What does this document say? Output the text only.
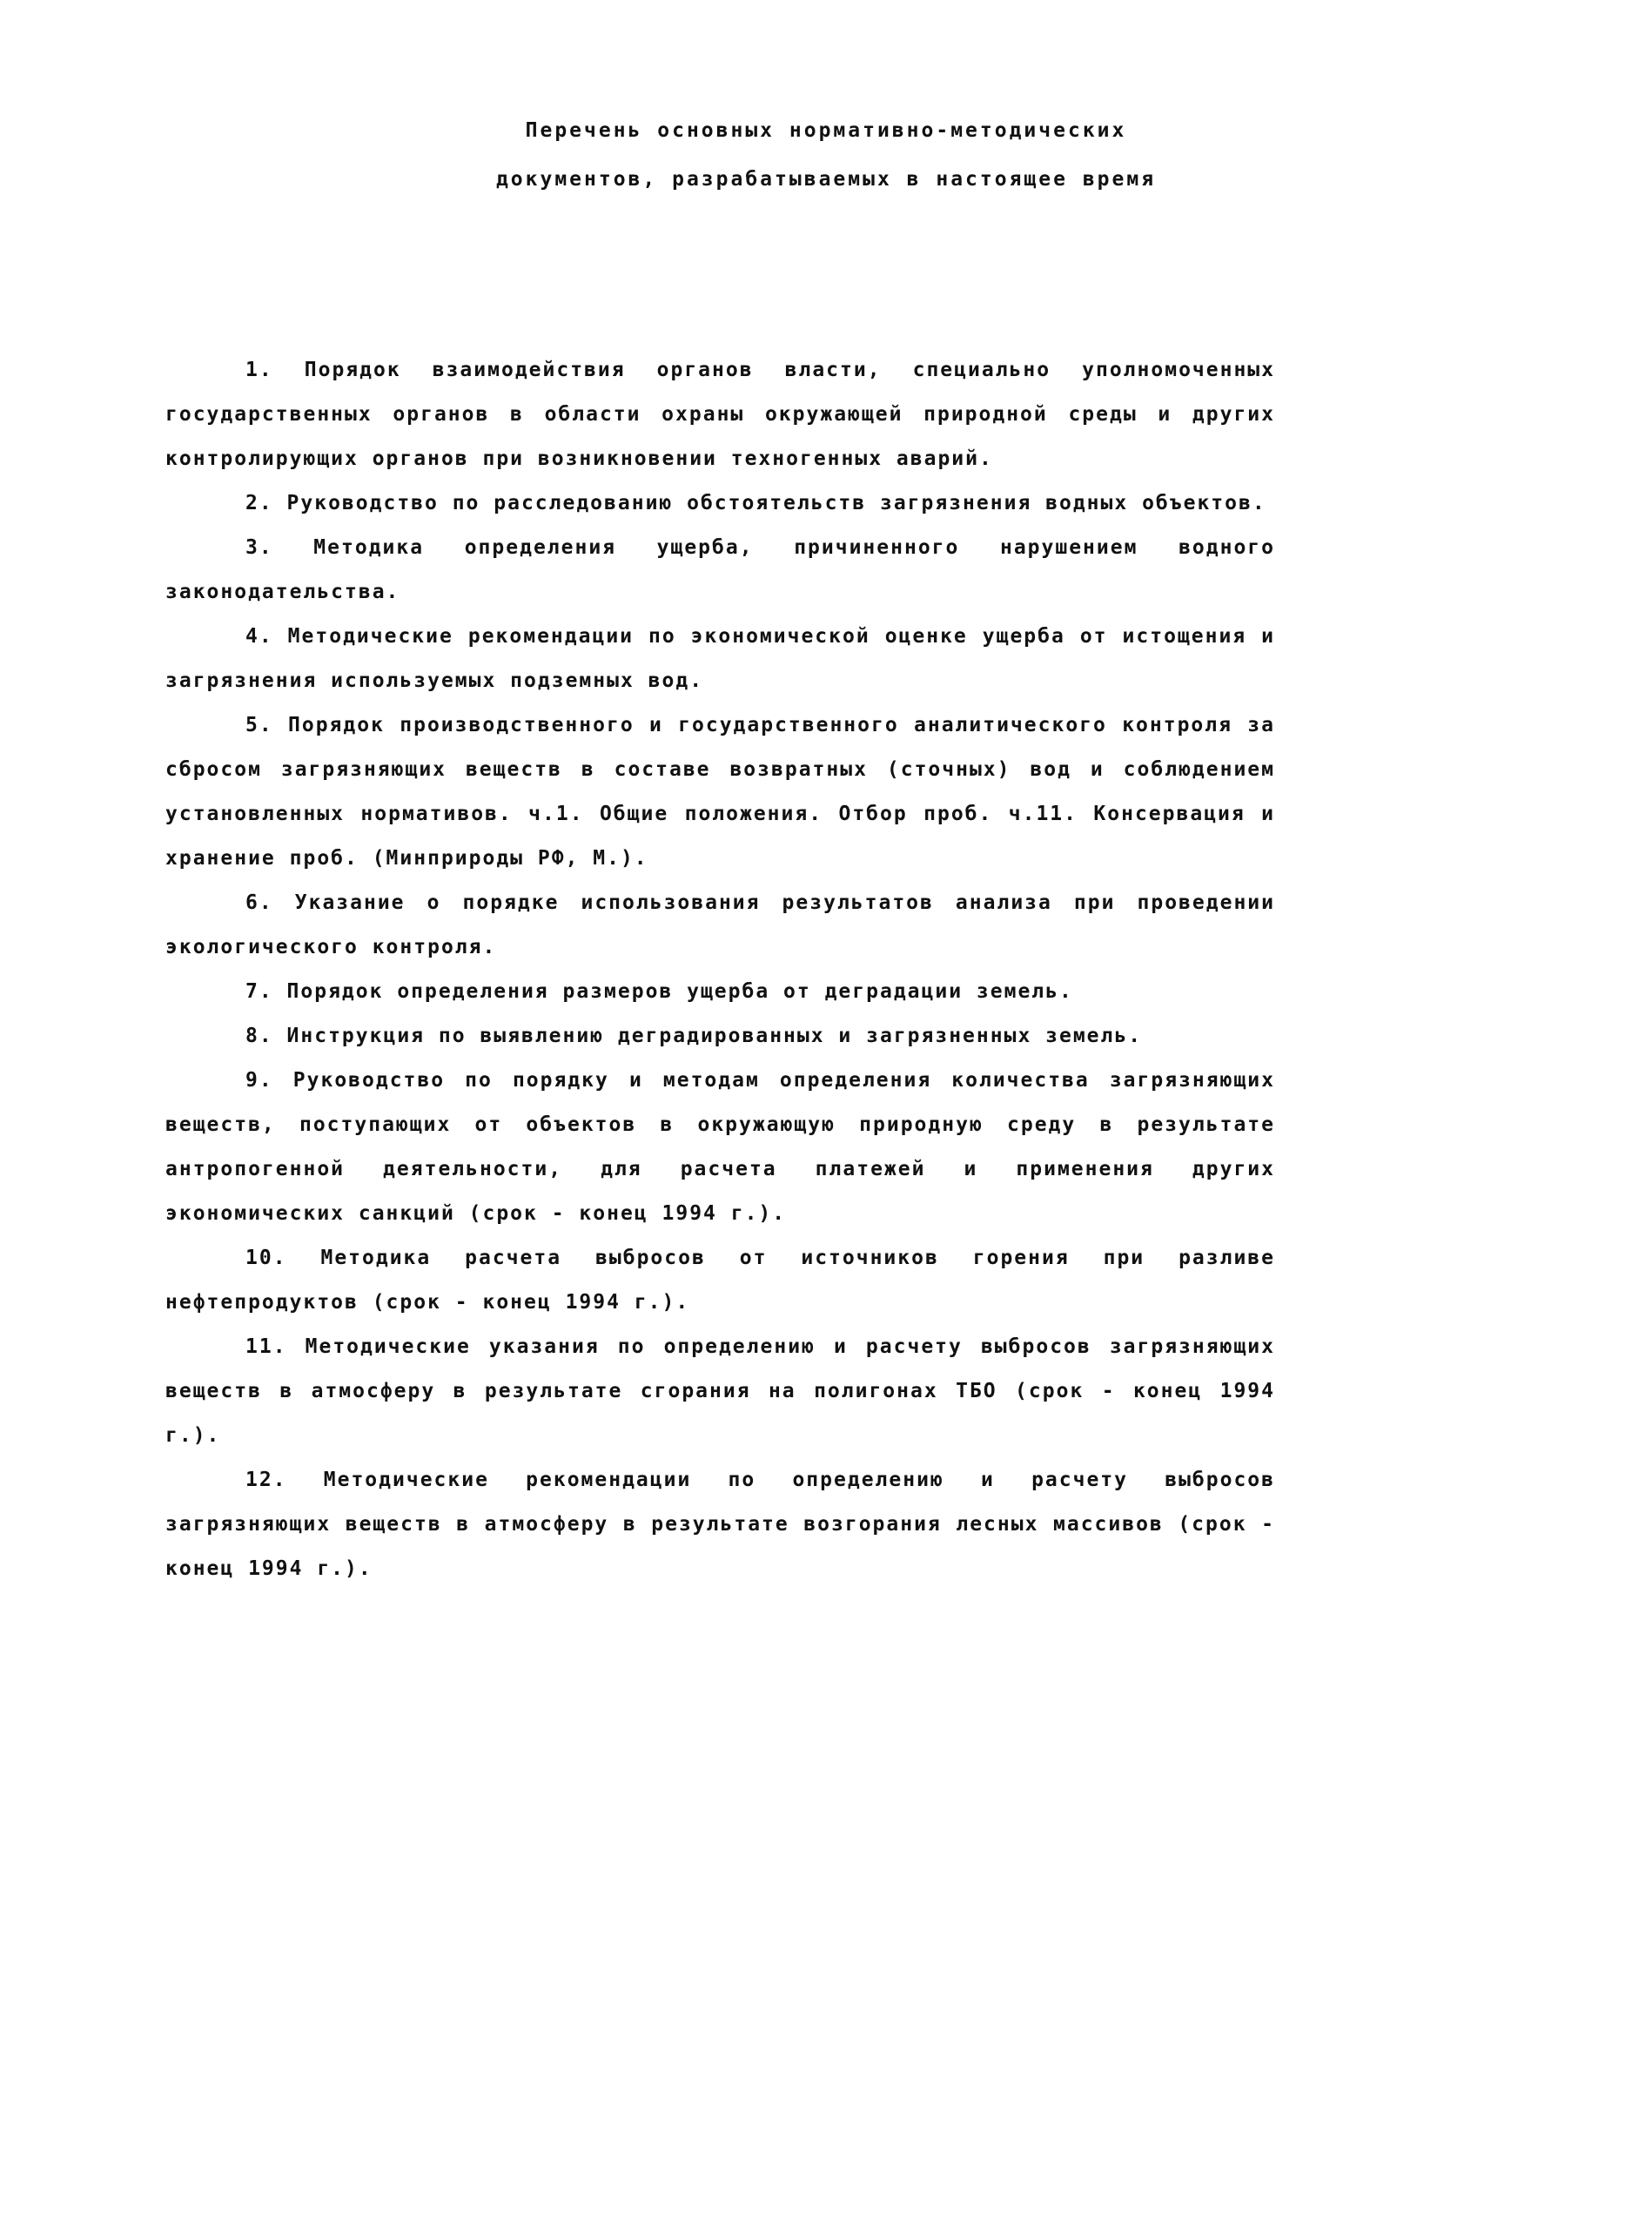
Перечень основных нормативно-методических
документов, разрабатываемых в настоящее время

1. Порядок взаимодействия органов власти, специально уполномоченных государственных органов в области охраны окружающей природной среды и других контролирующих органов при возникновении техногенных аварий.

2. Руководство по расследованию обстоятельств загрязнения водных объектов.

3. Методика определения ущерба, причиненного нарушением водного законодательства.

4. Методические рекомендации по экономической оценке ущерба от истощения и загрязнения используемых подземных вод.

5. Порядок производственного и государственного аналитического контроля за сбросом загрязняющих веществ в составе возвратных (сточных) вод и соблюдением установленных нормативов. ч.1. Общие положения. Отбор проб. ч.11. Консервация и хранение проб. (Минприроды РФ, М.).

6. Указание о порядке использования результатов анализа при проведении экологического контроля.

7. Порядок определения размеров ущерба от деградации земель.

8. Инструкция по выявлению деградированных и загрязненных земель.

9. Руководство по порядку и методам определения количества загрязняющих веществ, поступающих от объектов в окружающую природную среду в результате антропогенной деятельности, для расчета платежей и применения других экономических санкций (срок - конец 1994 г.).

10. Методика расчета выбросов от источников горения при разливе нефтепродуктов (срок - конец 1994 г.).

11. Методические указания по определению и расчету выбросов загрязняющих веществ в атмосферу в результате сгорания на полигонах ТБО (срок - конец 1994 г.).

12. Методические рекомендации по определению и расчету выбросов загрязняющих веществ в атмосферу в результате возгорания лесных массивов (срок - конец 1994 г.).
